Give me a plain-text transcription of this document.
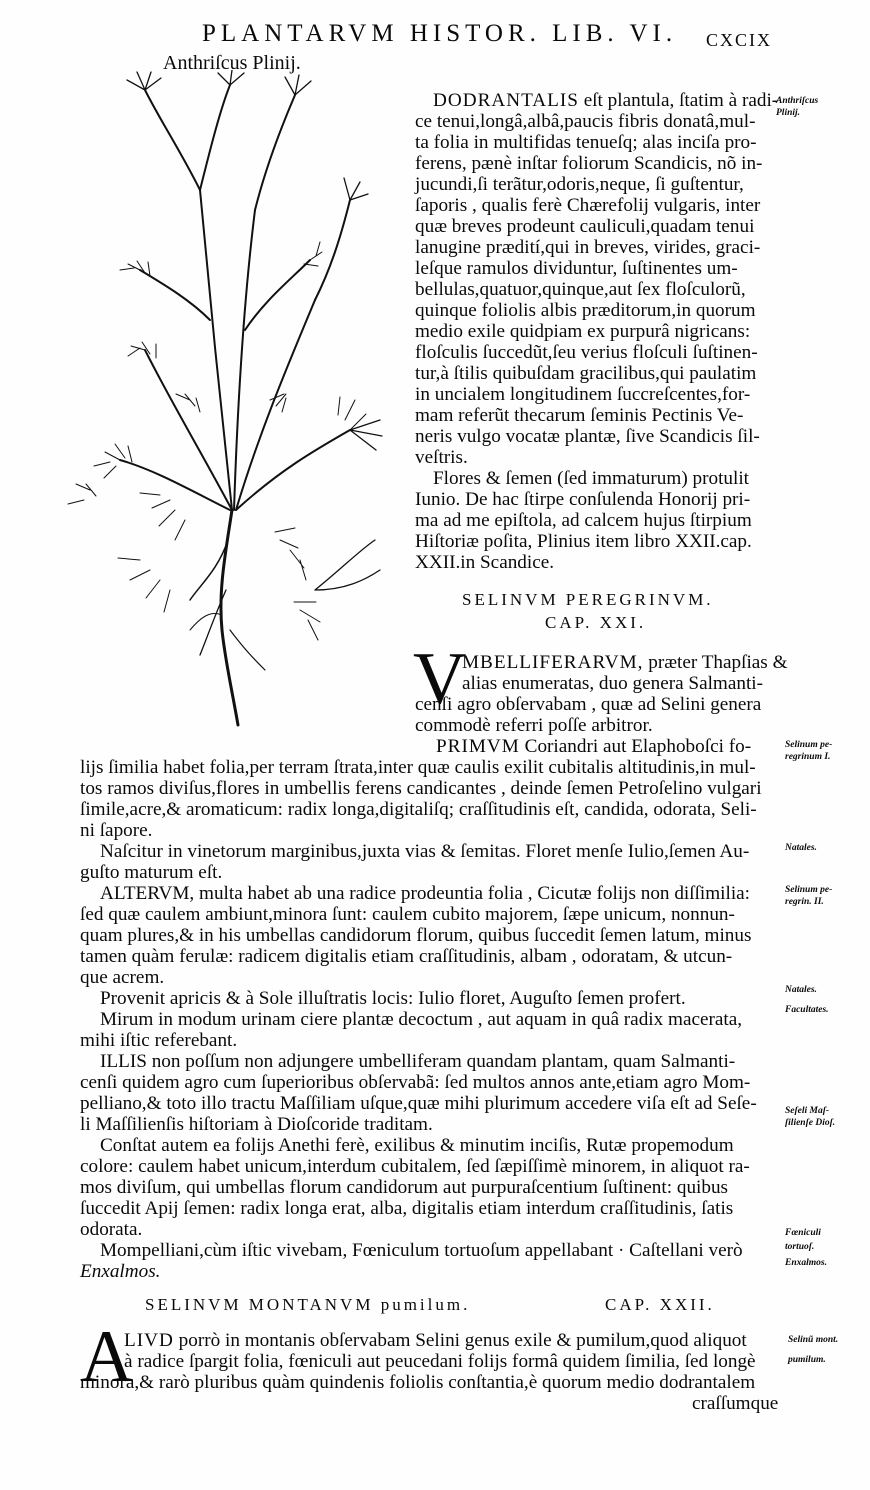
PLANTARVM HISTOR. LIB. VI. CXCIX
Anthriſcus Plinij.
DODRANTALIS eſt plantula, ſtatim à radi-
ce tenui,longâ,albâ,paucis fibris donatâ,mul-
ta folia in multifidas tenueſq; alas inciſa pro-
ferens, pænè inſtar foliorum Scandicis, nõ in-
jucundi,ſi terãtur,odoris,neque, ſi guſtentur,
ſaporis , qualis ferè Chærefolij vulgaris, inter
quæ breves prodeunt cauliculi,quadam tenui
lanugine prædití,qui in breves, virides, graci-
leſque ramulos dividuntur, ſuſtinentes um-
bellulas,quatuor,quinque,aut ſex floſculorũ,
quinque foliolis albis præditorum,in quorum
medio exile quidpiam ex purpurâ nigricans:
floſculis ſuccedũt,ſeu verius floſculi ſuſtinen-
tur,à ſtilis quibuſdam gracilibus,qui paulatim
in uncialem longitudinem ſuccreſcentes,for-
mam referũt thecarum ſeminis Pectinis Ve-
neris vulgo vocatæ plantæ, ſive Scandicis ſil-
veſtris.
Flores & ſemen (ſed immaturum) protulit
Iunio. De hac ſtirpe conſulenda Honorij pri-
ma ad me epiſtola, ad calcem hujus ſtirpium
Hiſtoriæ poſita, Plinius item libro XXII.cap.
XXII.in Scandice.
SELINVM PEREGRINVM.
CAP. XXI.
V
MBELLIFERARVM, præter Thapſias &
alias enumeratas, duo genera Salmanti-
cenſi agro obſervabam , quæ ad Selini genera
commodè referri poſſe arbitror.
PRIMVM Coriandri aut Elaphoboſci fo-
lijs ſimilia habet folia,per terram ſtrata,inter quæ caulis exilit cubitalis altitudinis,in mul-
tos ramos diviſus,flores in umbellis ferens candicantes , deinde ſemen Petroſelino vulgari
ſimile,acre,& aromaticum: radix longa,digitaliſq; craſſitudinis eſt, candida, odorata, Seli-
ni ſapore.
Naſcitur in vinetorum marginibus,juxta vias & ſemitas. Floret menſe Iulio,ſemen Au-
guſto maturum eſt.
ALTERVM, multa habet ab una radice prodeuntia folia , Cicutæ folijs non diſſimilia:
ſed quæ caulem ambiunt,minora ſunt: caulem cubito majorem, ſæpe unicum, nonnun-
quam plures,& in his umbellas candidorum florum, quibus ſuccedit ſemen latum, minus
tamen quàm ferulæ: radicem digitalis etiam craſſitudinis, albam , odoratam, & utcun-
que acrem.
Provenit apricis & à Sole illuſtratis locis: Iulio floret, Auguſto ſemen profert.
Mirum in modum urinam ciere plantæ decoctum , aut aquam in quâ radix macerata,
mihi iſtic referebant.
ILLIS non poſſum non adjungere umbelliferam quandam plantam, quam Salmanti-
cenſi quidem agro cum ſuperioribus obſervabã: ſed multos annos ante,etiam agro Mom-
pelliano,& toto illo tractu Maſſiliam uſque,quæ mihi plurimum accedere viſa eſt ad Seſe-
li Maſſilienſis hiſtoriam à Dioſcoride traditam.
Conſtat autem ea folijs Anethi ferè, exilibus & minutim inciſis, Rutæ propemodum
colore: caulem habet unicum,interdum cubitalem, ſed ſæpiſſimè minorem, in aliquot ra-
mos diviſum, qui umbellas florum candidorum aut purpuraſcentium ſuſtinent: quibus
ſuccedit Apij ſemen: radix longa erat, alba, digitalis etiam interdum craſſitudinis, ſatis
odorata.
Mompelliani,cùm iſtic vivebam, Fœniculum tortuoſum appellabant · Caſtellani verò
Enxalmos.
SELINVM MONTANVM pumilum.	CAP. XXII.
A
LIVD porrò in montanis obſervabam Selini genus exile & pumilum,quod aliquot
à radice ſpargit folia, fœniculi aut peucedani folijs formâ quidem ſimilia, ſed longè
minora,& rarò pluribus quàm quindenis foliolis conſtantia,è quorum medio dodrantalem
craſſumque
Anthriſcus
Plinij.
Selinum pe-
regrinum I.
Natales.
Selinum pe-
regrin. II.
Natales.
Facultates.
Seſeli Maſ-
ſilienſe Dioſ.
Fœniculi
tortuoſ.
Enxalmos.
Selinũ mont.
pumilum.
